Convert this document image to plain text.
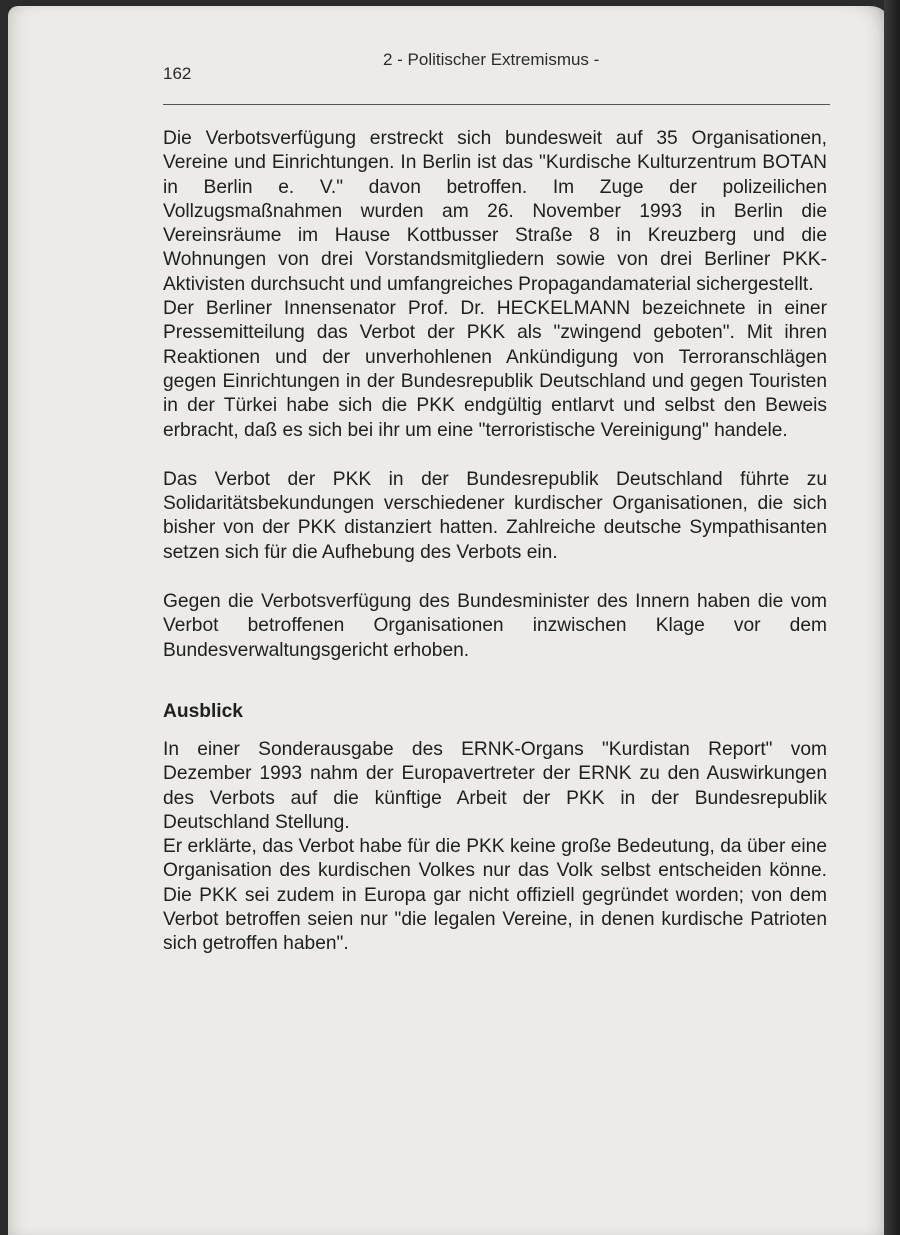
162
2 - Politischer Extremismus -

Die Verbotsverfügung erstreckt sich bundesweit auf 35 Organisationen, Vereine und Einrichtungen. In Berlin ist das "Kurdische Kulturzentrum BOTAN in Berlin e. V." davon betroffen. Im Zuge der polizeilichen Vollzugsmaßnahmen wurden am 26. November 1993 in Berlin die Vereinsräume im Hause Kottbusser Straße 8 in Kreuzberg und die Wohnungen von drei Vorstandsmitgliedern sowie von drei Berliner PKK-Aktivisten durchsucht und umfangreiches Propagandamaterial sichergestellt.

Der Berliner Innensenator Prof. Dr. HECKELMANN bezeichnete in einer Pressemitteilung das Verbot der PKK als "zwingend geboten". Mit ihren Reaktionen und der unverhohlenen Ankündigung von Terroranschlägen gegen Einrichtungen in der Bundesrepublik Deutschland und gegen Touristen in der Türkei habe sich die PKK endgültig entlarvt und selbst den Beweis erbracht, daß es sich bei ihr um eine "terroristische Vereinigung" handele.

Das Verbot der PKK in der Bundesrepublik Deutschland führte zu Solidaritätsbekundungen verschiedener kurdischer Organisationen, die sich bisher von der PKK distanziert hatten. Zahlreiche deutsche Sympathisanten setzen sich für die Aufhebung des Verbots ein.

Gegen die Verbotsverfügung des Bundesminister des Innern haben die vom Verbot betroffenen Organisationen inzwischen Klage vor dem Bundesverwaltungsgericht erhoben.

Ausblick

In einer Sonderausgabe des ERNK-Organs "Kurdistan Report" vom Dezember 1993 nahm der Europavertreter der ERNK zu den Auswirkungen des Verbots auf die künftige Arbeit der PKK in der Bundesrepublik Deutschland Stellung.

Er erklärte, das Verbot habe für die PKK keine große Bedeutung, da über eine Organisation des kurdischen Volkes nur das Volk selbst entscheiden könne. Die PKK sei zudem in Europa gar nicht offiziell gegründet worden; von dem Verbot betroffen seien nur "die legalen Vereine, in denen kurdische Patrioten sich getroffen haben".
